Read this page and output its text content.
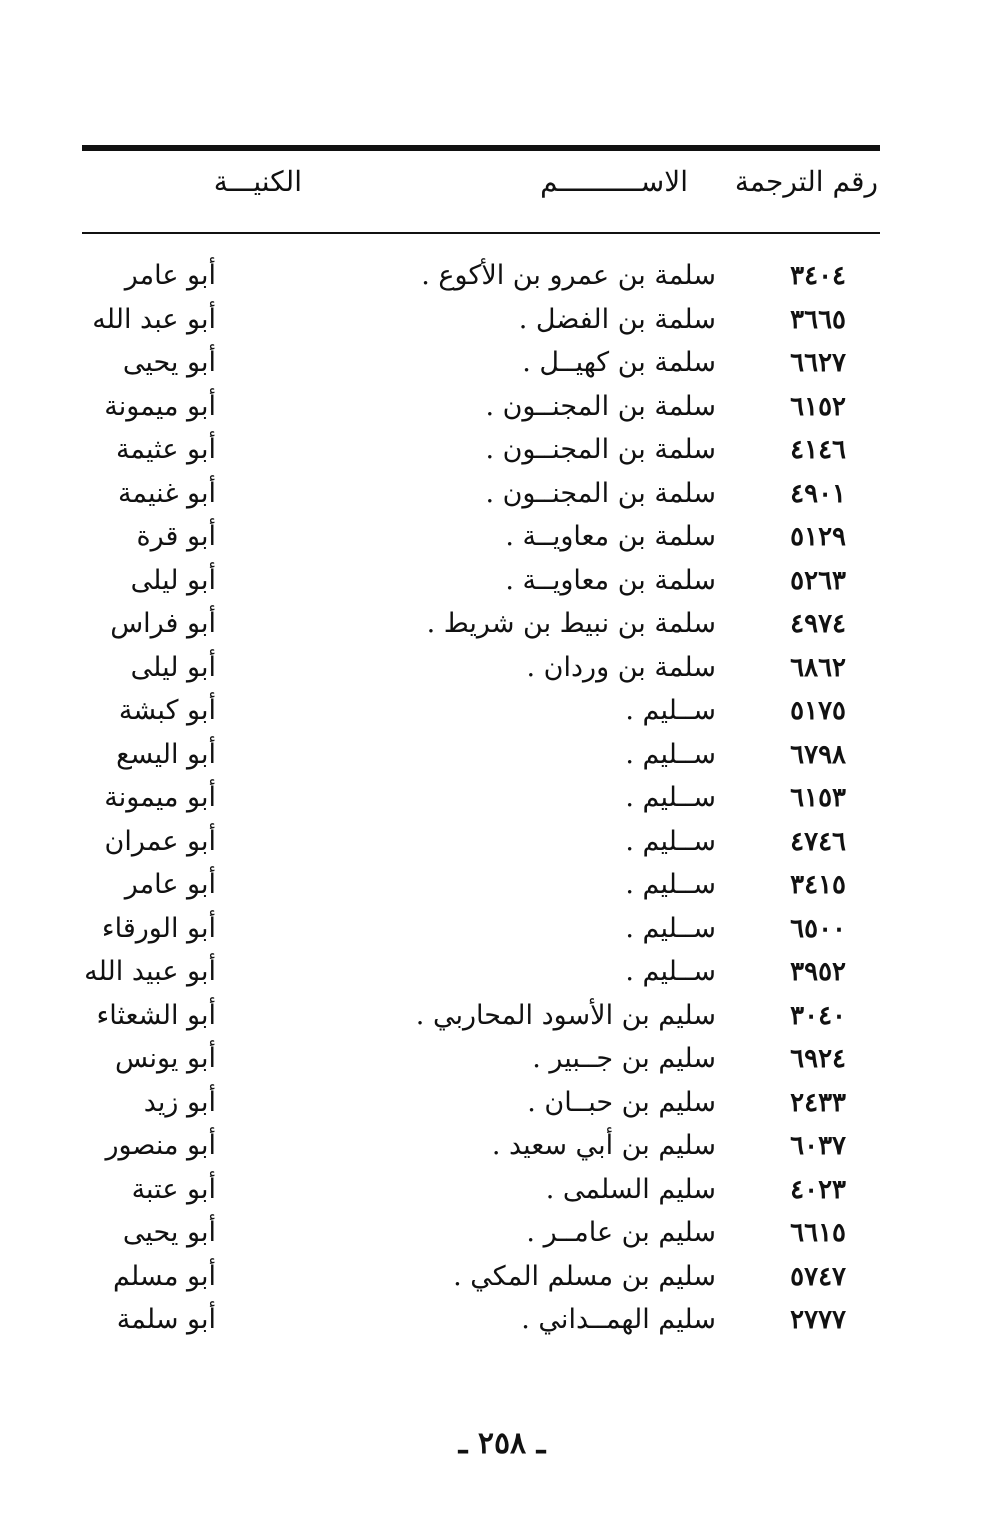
رقم الترجمة
الاســــــــــم
الكنيـــة
٣٤٠٤
سلمة بن عمرو بن الأكوع .
أبو عامر
٣٦٦٥
سلمة بن الفضل .
أبو عبد الله
٦٦٢٧
سلمة بن كهيــل .
أبو يحيى
٦١٥٢
سلمة بن المجنــون .
أبو ميمونة
٤١٤٦
سلمة بن المجنــون .
أبو عثيمة
٤٩٠١
سلمة بن المجنــون .
أبو غنيمة
٥١٢٩
سلمة بن معاويــة .
أبو قرة
٥٢٦٣
سلمة بن معاويــة .
أبو ليلى
٤٩٧٤
سلمة بن نبيط بن شريط .
أبو فراس
٦٨٦٢
سلمة بن وردان .
أبو ليلى
٥١٧٥
ســليم .
أبو كبشة
٦٧٩٨
ســليم .
أبو اليسع
٦١٥٣
ســليم .
أبو ميمونة
٤٧٤٦
ســليم .
أبو عمران
٣٤١٥
ســليم .
أبو عامر
٦٥٠٠
ســليم .
أبو الورقاء
٣٩٥٢
ســليم .
أبو عبيد الله
٣٠٤٠
سليم بن الأسود المحاربي .
أبو الشعثاء
٦٩٢٤
سليم بن جــبير .
أبو يونس
٢٤٣٣
سليم بن حبــان .
أبو زيد
٦٠٣٧
سليم بن أبي سعيد .
أبو منصور
٤٠٢٣
سليم السلمى .
أبو عتبة
٦٦١٥
سليم بن عامــر .
أبو يحيى
٥٧٤٧
سليم بن مسلم المكي .
أبو مسلم
٢٧٧٧
سليم الهمــداني .
أبو سلمة
ـ ٢٥٨ ـ
